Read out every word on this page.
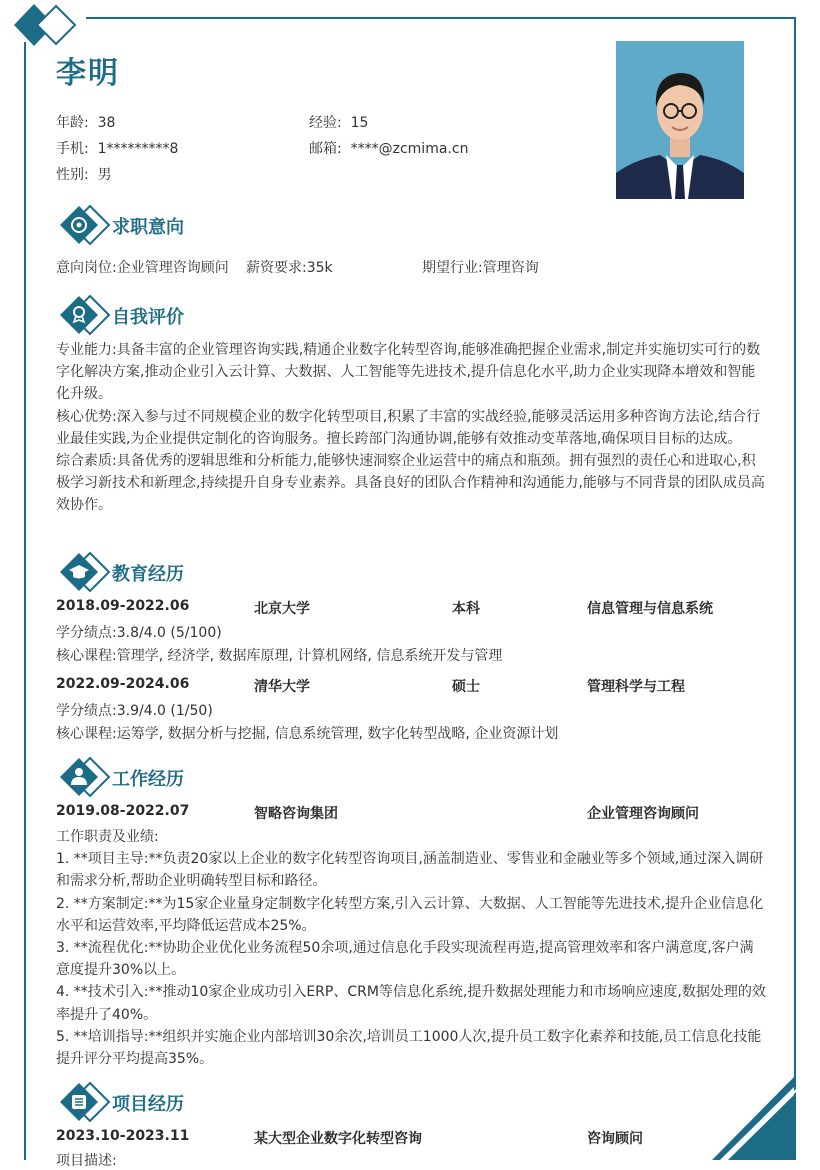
李明
年龄: 38	经验: 15
手机: 1*********8	邮箱: ****@zcmima.cn
性别: 男
求职意向
意向岗位:企业管理咨询顾问 薪资要求:35k	期望行业:管理咨询
自我评价
专业能力:具备丰富的企业管理咨询实践,精通企业数字化转型咨询,能够准确把握企业需求,制定并实施切实可行的数字化解决方案,推动企业引入云计算、大数据、人工智能等先进技术,提升信息化水平,助力企业实现降本增效和智能化升级。
核心优势:深入参与过不同规模企业的数字化转型项目,积累了丰富的实战经验,能够灵活运用多种咨询方法论,结合行业最佳实践,为企业提供定制化的咨询服务。擅长跨部门沟通协调,能够有效推动变革落地,确保项目目标的达成。
综合素质:具备优秀的逻辑思维和分析能力,能够快速洞察企业运营中的痛点和瓶颈。拥有强烈的责任心和进取心,积极学习新技术和新理念,持续提升自身专业素养。具备良好的团队合作精神和沟通能力,能够与不同背景的团队成员高效协作。
教育经历
2018.09-2022.06	北京大学	本科	信息管理与信息系统
学分绩点:3.8/4.0 (5/100)
核心课程:管理学, 经济学, 数据库原理, 计算机网络, 信息系统开发与管理
2022.09-2024.06	清华大学	硕士	管理科学与工程
学分绩点:3.9/4.0 (1/50)
核心课程:运筹学, 数据分析与挖掘, 信息系统管理, 数字化转型战略, 企业资源计划
工作经历
2019.08-2022.07	智略咨询集团	企业管理咨询顾问
工作职责及业绩:
1. **项目主导:**负责20家以上企业的数字化转型咨询项目,涵盖制造业、零售业和金融业等多个领域,通过深入调研和需求分析,帮助企业明确转型目标和路径。
2. **方案制定:**为15家企业量身定制数字化转型方案,引入云计算、大数据、人工智能等先进技术,提升企业信息化水平和运营效率,平均降低运营成本25%。
3. **流程优化:**协助企业优化业务流程50余项,通过信息化手段实现流程再造,提高管理效率和客户满意度,客户满意度提升30%以上。
4. **技术引入:**推动10家企业成功引入ERP、CRM等信息化系统,提升数据处理能力和市场响应速度,数据处理的效率提升了40%。
5. **培训指导:**组织并实施企业内部培训30余次,培训员工1000人次,提升员工数字化素养和技能,员工信息化技能提升评分平均提高35%。
项目经历
2023.10-2023.11	某大型企业数字化转型咨询	咨询顾问
项目描述:
